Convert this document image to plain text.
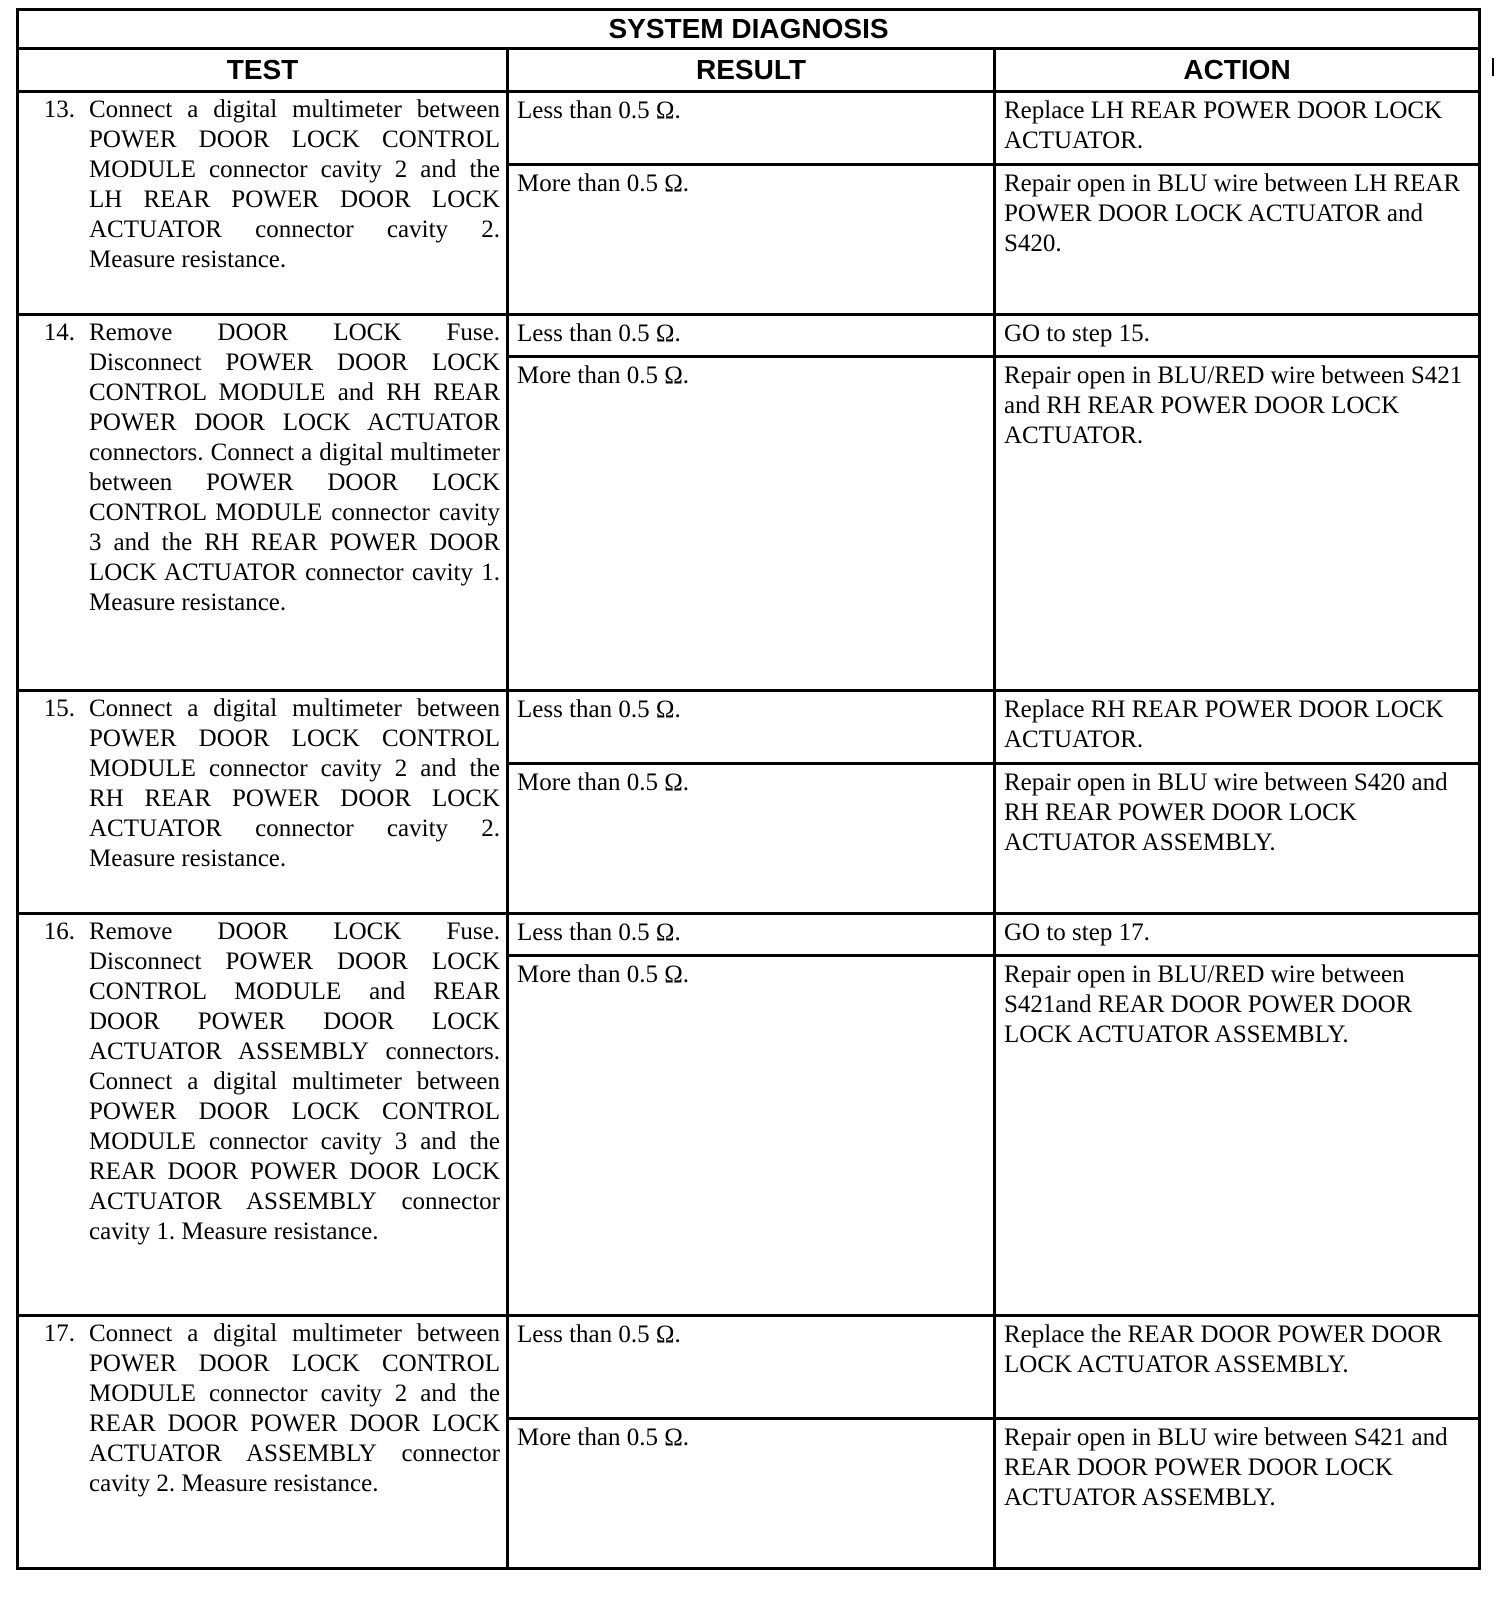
SYSTEM DIAGNOSIS		
TEST	RESULT	ACTION

13. Connect a digital multimeter between POWER DOOR LOCK CONTROL MODULE connector cavity 2 and the LH REAR POWER DOOR LOCK ACTUATOR connector cavity 2. Measure resistance.	Less than 0.5 Ω.	Replace LH REAR POWER DOOR LOCK ACTUATOR.
	More than 0.5 Ω.	Repair open in BLU wire between LH REAR POWER DOOR LOCK ACTUATOR and S420.

14. Remove DOOR LOCK Fuse. Disconnect POWER DOOR LOCK CONTROL MODULE and RH REAR POWER DOOR LOCK ACTUATOR connectors. Connect a digital multimeter between POWER DOOR LOCK CONTROL MODULE connector cavity 3 and the RH REAR POWER DOOR LOCK ACTUATOR connector cavity 1. Measure resistance.	Less than 0.5 Ω.	GO to step 15.
	More than 0.5 Ω.	Repair open in BLU/RED wire between S421 and RH REAR POWER DOOR LOCK ACTUATOR.

15. Connect a digital multimeter between POWER DOOR LOCK CONTROL MODULE connector cavity 2 and the RH REAR POWER DOOR LOCK ACTUATOR connector cavity 2. Measure resistance.	Less than 0.5 Ω.	Replace RH REAR POWER DOOR LOCK ACTUATOR.
	More than 0.5 Ω.	Repair open in BLU wire between S420 and RH REAR POWER DOOR LOCK ACTUATOR ASSEMBLY.

16. Remove DOOR LOCK Fuse. Disconnect POWER DOOR LOCK CONTROL MODULE and REAR DOOR POWER DOOR LOCK ACTUATOR ASSEMBLY connectors. Connect a digital multimeter between POWER DOOR LOCK CONTROL MODULE connector cavity 3 and the REAR DOOR POWER DOOR LOCK ACTUATOR ASSEMBLY connector cavity 1. Measure resistance.	Less than 0.5 Ω.	GO to step 17.
	More than 0.5 Ω.	Repair open in BLU/RED wire between S421and REAR DOOR POWER DOOR LOCK ACTUATOR ASSEMBLY.

17. Connect a digital multimeter between POWER DOOR LOCK CONTROL MODULE connector cavity 2 and the REAR DOOR POWER DOOR LOCK ACTUATOR ASSEMBLY connector cavity 2. Measure resistance.	Less than 0.5 Ω.	Replace the REAR DOOR POWER DOOR LOCK ACTUATOR ASSEMBLY.
	More than 0.5 Ω.	Repair open in BLU wire between S421 and REAR DOOR POWER DOOR LOCK ACTUATOR ASSEMBLY.
